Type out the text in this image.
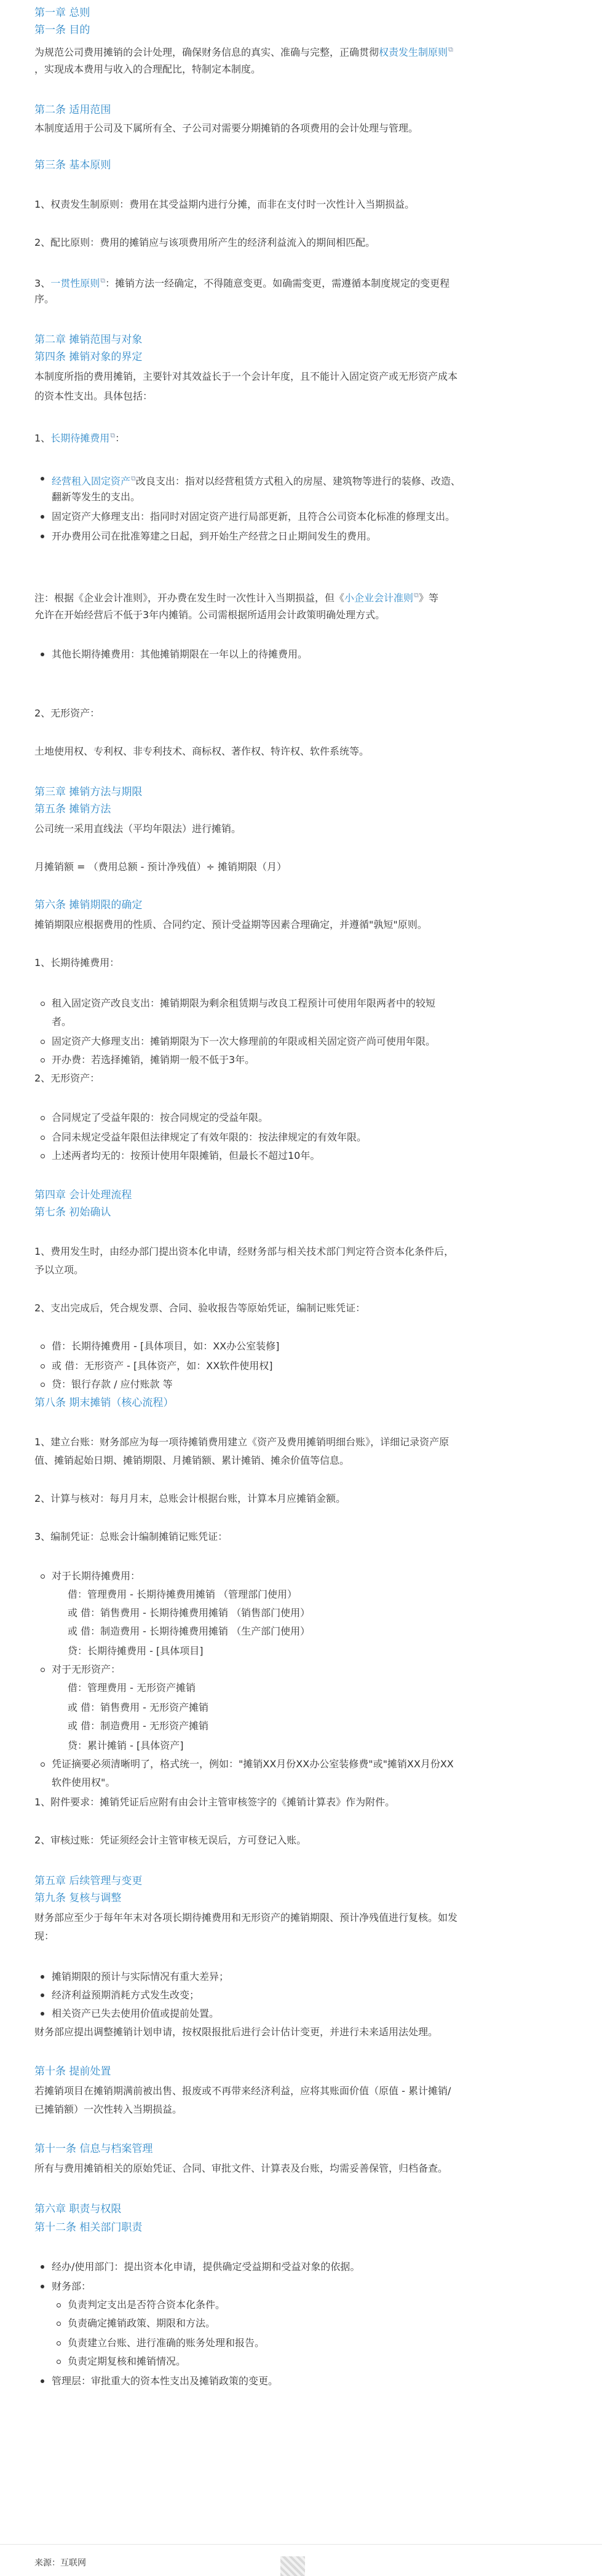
第一章 总则

第一条 目的

为规范公司费用摊销的会计处理，确保财务信息的真实、准确与完整，正确贯彻权责发生制原则⧉

，实现成本费用与收入的合理配比，特制定本制度。

第二条 适用范围

本制度适用于公司及下属所有全、子公司对需要分期摊销的各项费用的会计处理与管理。

第三条 基本原则

1、权责发生制原则：费用在其受益期内进行分摊，而非在支付时一次性计入当期损益。

2、配比原则：费用的摊销应与该项费用所产生的经济利益流入的期间相匹配。

3、一贯性原则⧉：摊销方法一经确定，不得随意变更。如确需变更，需遵循本制度规定的变更程

序。

第二章 摊销范围与对象

第四条 摊销对象的界定

本制度所指的费用摊销，主要针对其效益长于一个会计年度，且不能计入固定资产或无形资产成本

的资本性支出。具体包括：

1、长期待摊费用⧉：

经营租入固定资产⧉改良支出：指对以经营租赁方式租入的房屋、建筑物等进行的装修、改造、

翻新等发生的支出。

固定资产大修理支出：指同时对固定资产进行局部更新，且符合公司资本化标准的修理支出。

开办费用公司在批准筹建之日起，到开始生产经营之日止期间发生的费用。

注：根据《企业会计准则》，开办费在发生时一次性计入当期损益，但《小企业会计准则⧉》等

允许在开始经营后不低于3年内摊销。公司需根据所适用会计政策明确处理方式。

其他长期待摊费用：其他摊销期限在一年以上的待摊费用。

2、无形资产：

土地使用权、专利权、非专利技术、商标权、著作权、特许权、软件系统等。

第三章 摊销方法与期限

第五条 摊销方法

公司统一采用直线法（平均年限法）进行摊销。

月摊销额 = （费用总额 - 预计净残值）÷ 摊销期限（月）

第六条 摊销期限的确定

摊销期限应根据费用的性质、合同约定、预计受益期等因素合理确定，并遵循"孰短"原则。

1、长期待摊费用：

租入固定资产改良支出：摊销期限为剩余租赁期与改良工程预计可使用年限两者中的较短

者。

固定资产大修理支出：摊销期限为下一次大修理前的年限或相关固定资产尚可使用年限。

开办费：若选择摊销，摊销期一般不低于3年。

2、无形资产：

合同规定了受益年限的：按合同规定的受益年限。

合同未规定受益年限但法律规定了有效年限的：按法律规定的有效年限。

上述两者均无的：按预计使用年限摊销，但最长不超过10年。

第四章 会计处理流程

第七条 初始确认

1、费用发生时，由经办部门提出资本化申请，经财务部与相关技术部门判定符合资本化条件后，

予以立项。

2、支出完成后，凭合规发票、合同、验收报告等原始凭证，编制记账凭证：

借：长期待摊费用 - [具体项目，如：XX办公室装修]

或 借：无形资产 - [具体资产，如：XX软件使用权]

贷：银行存款 / 应付账款 等

第八条 期末摊销（核心流程）

1、建立台账：财务部应为每一项待摊销费用建立《资产及费用摊销明细台账》，详细记录资产原

值、摊销起始日期、摊销期限、月摊销额、累计摊销、摊余价值等信息。

2、计算与核对：每月月末，总账会计根据台账，计算本月应摊销金额。

3、编制凭证：总账会计编制摊销记账凭证：

对于长期待摊费用：

借：管理费用 - 长期待摊费用摊销 （管理部门使用）

或 借：销售费用 - 长期待摊费用摊销 （销售部门使用）

或 借：制造费用 - 长期待摊费用摊销 （生产部门使用）

贷：长期待摊费用 - [具体项目]

对于无形资产：

借：管理费用 - 无形资产摊销

或 借：销售费用 - 无形资产摊销

或 借：制造费用 - 无形资产摊销

贷：累计摊销 - [具体资产]

凭证摘要必须清晰明了，格式统一，例如："摊销XX月份XX办公室装修费"或"摊销XX月份XX

软件使用权"。

1、附件要求：摊销凭证后应附有由会计主管审核签字的《摊销计算表》作为附件。

2、审核过账：凭证须经会计主管审核无误后，方可登记入账。

第五章 后续管理与变更

第九条 复核与调整

财务部应至少于每年年末对各项长期待摊费用和无形资产的摊销期限、预计净残值进行复核。如发

现：

摊销期限的预计与实际情况有重大差异；

经济利益预期消耗方式发生改变；

相关资产已失去使用价值或提前处置。

财务部应提出调整摊销计划申请，按权限报批后进行会计估计变更，并进行未来适用法处理。

第十条 提前处置

若摊销项目在摊销期满前被出售、报废或不再带来经济利益，应将其账面价值（原值 - 累计摊销/

已摊销额）一次性转入当期损益。

第十一条 信息与档案管理

所有与费用摊销相关的原始凭证、合同、审批文件、计算表及台账，均需妥善保管，归档备查。

第六章 职责与权限

第十二条 相关部门职责

经办/使用部门：提出资本化申请，提供确定受益期和受益对象的依据。

财务部：

负责判定支出是否符合资本化条件。

负责确定摊销政策、期限和方法。

负责建立台账、进行准确的账务处理和报告。

负责定期复核和摊销情况。

管理层：审批重大的资本性支出及摊销政策的变更。

来源：互联网
